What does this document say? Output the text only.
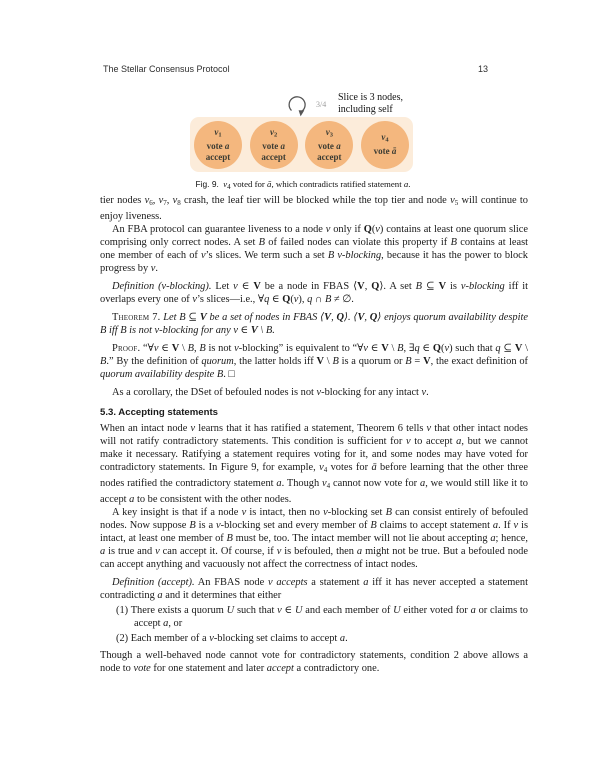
The Stellar Consensus Protocol	13
3/4
Slice is 3 nodes,
including self
$v_1$
vote a
accept
$v_2$
vote a
accept
$v_3$
vote a
accept
$v_4$
vote ā
Fig. 9. $v_4$ voted for ā, which contradicts ratified statement a.
tier nodes $v_6$, $v_7$, $v_8$ crash, the leaf tier will be blocked while the top tier and node $v_5$ will continue to enjoy liveness.
An FBA protocol can guarantee liveness to a node v only if Q(v) contains at least one quorum slice comprising only correct nodes. A set B of failed nodes can violate this property if B contains at least one member of each of v’s slices. We term such a set B v-blocking, because it has the power to block progress by v.
Definition (v-blocking). Let v ∈ V be a node in FBAS ⟨V, Q⟩. A set B ⊆ V is v-blocking iff it overlaps every one of v’s slices—i.e., ∀q ∈ Q(v), q ∩ B ≠ ∅.
Theorem 7. Let B ⊆ V be a set of nodes in FBAS ⟨V, Q⟩. ⟨V, Q⟩ enjoys quorum availability despite B iff B is not v-blocking for any v ∈ V \ B.
Proof. “∀v ∈ V \ B, B is not v-blocking” is equivalent to “∀v ∈ V \ B, ∃q ∈ Q(v) such that q ⊆ V \ B.” By the definition of quorum, the latter holds iff V \ B is a quorum or B = V, the exact definition of quorum availability despite B. □
As a corollary, the DSet of befouled nodes is not v-blocking for any intact v.
5.3. Accepting statements
When an intact node v learns that it has ratified a statement, Theorem 6 tells v that other intact nodes will not ratify contradictory statements. This condition is sufficient for v to accept a, but we cannot make it necessary. Ratifying a statement requires voting for it, and some nodes may have voted for contradictory statements. In Figure 9, for example, $v_4$ votes for ā before learning that the other three nodes ratified the contradictory statement a. Though $v_4$ cannot now vote for a, we would still like it to accept a to be consistent with the other nodes.
A key insight is that if a node v is intact, then no v-blocking set B can consist entirely of befouled nodes. Now suppose B is a v-blocking set and every member of B claims to accept statement a. If v is intact, at least one member of B must be, too. The intact member will not lie about accepting a; hence, a is true and v can accept it. Of course, if v is befouled, then a might not be true. But a befouled node can accept anything and vacuously not affect the correctness of intact nodes.
Definition (accept). An FBAS node v accepts a statement a iff it has never accepted a statement contradicting a and it determines that either
(1) There exists a quorum U such that v ∈ U and each member of U either voted for a or claims to accept a, or
(2) Each member of a v-blocking set claims to accept a.
Though a well-behaved node cannot vote for contradictory statements, condition 2 above allows a node to vote for one statement and later accept a contradictory one.
